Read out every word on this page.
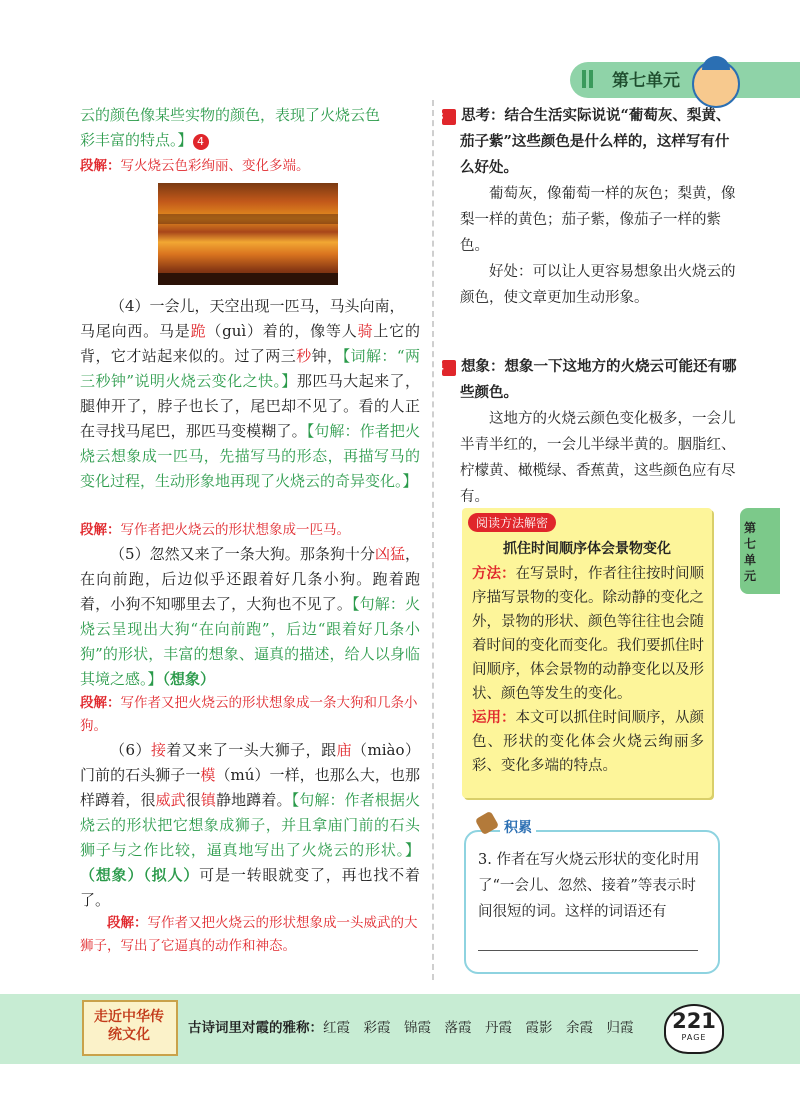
第七单元

云的颜色像某些实物的颜色，表现了火烧云色

彩丰富的特点。】 4

段解：写火烧云色彩绚丽、变化多端。

（4）一会儿，天空出现一匹马，马头向南，

马尾向西。马是跪（guì）着的，像等人骑上它的背，它才站起来似的。过了两三秒钟，【词解：“两三秒钟”说明火烧云变化之快。】那匹马大起来了，腿伸开了，脖子也长了，尾巴却不见了。看的人正在寻找马尾巴，那匹马变模糊了。【句解：作者把火烧云想象成一匹马，先描写马的形态，再描写马的变化过程，生动形象地再现了火烧云的奇异变化。】

段解：写作者把火烧云的形状想象成一匹马。

（5）忽然又来了一条大狗。那条狗十分凶猛，在向前跑，后边似乎还跟着好几条小狗。跑着跑着，小狗不知哪里去了，大狗也不见了。【句解：火烧云呈现出大狗“在向前跑”，后边“跟着好几条小狗”的形状，丰富的想象、逼真的描述，给人以身临其境之感。】（想象）

段解：写作者又把火烧云的形状想象成一条大狗和几条小狗。

（6）接着又来了一头大狮子，跟庙（miào）门前的石头狮子一模（mú）一样，也那么大，也那样蹲着，很威武很镇静地蹲着。【句解：作者根据火烧云的形状把它想象成狮子，并且拿庙门前的石头狮子与之作比较，逼真地写出了火烧云的形状。】（想象）（拟人）可是一转眼就变了，再也找不着了。

段解：写作者又把火烧云的形状想象成一头威武的大狮子，写出了它逼真的动作和神态。

3 思考：结合生活实际说说“葡萄灰、梨黄、茄子紫”这些颜色是什么样的，这样写有什么好处。

葡萄灰，像葡萄一样的灰色；梨黄，像梨一样的黄色；茄子紫，像茄子一样的紫色。

好处：可以让人更容易想象出火烧云的颜色，使文章更加生动形象。

4 想象：想象一下这地方的火烧云可能还有哪些颜色。

这地方的火烧云颜色变化极多，一会儿半青半红的，一会儿半绿半黄的。胭脂红、柠檬黄、橄榄绿、香蕉黄，这些颜色应有尽有。

阅读方法解密
抓住时间顺序体会景物变化
方法：在写景时，作者往往按时间顺序描写景物的变化。除动静的变化之外，景物的形状、颜色等往往也会随着时间的变化而变化。我们要抓住时间顺序，体会景物的动静变化以及形状、颜色等发生的变化。
运用：本文可以抓住时间顺序，从颜色、形状的变化体会火烧云绚丽多彩、变化多端的特点。
第七单元
积累
3. 作者在写火烧云形状的变化时用了“一会儿、忽然、接着”等表示时间很短的词。这样的词语还有
走近中华传统文化	古诗词里对霞的雅称：红霞　彩霞　锦霞　落霞　丹霞　霞影　余霞　归霞	221
PAGE
